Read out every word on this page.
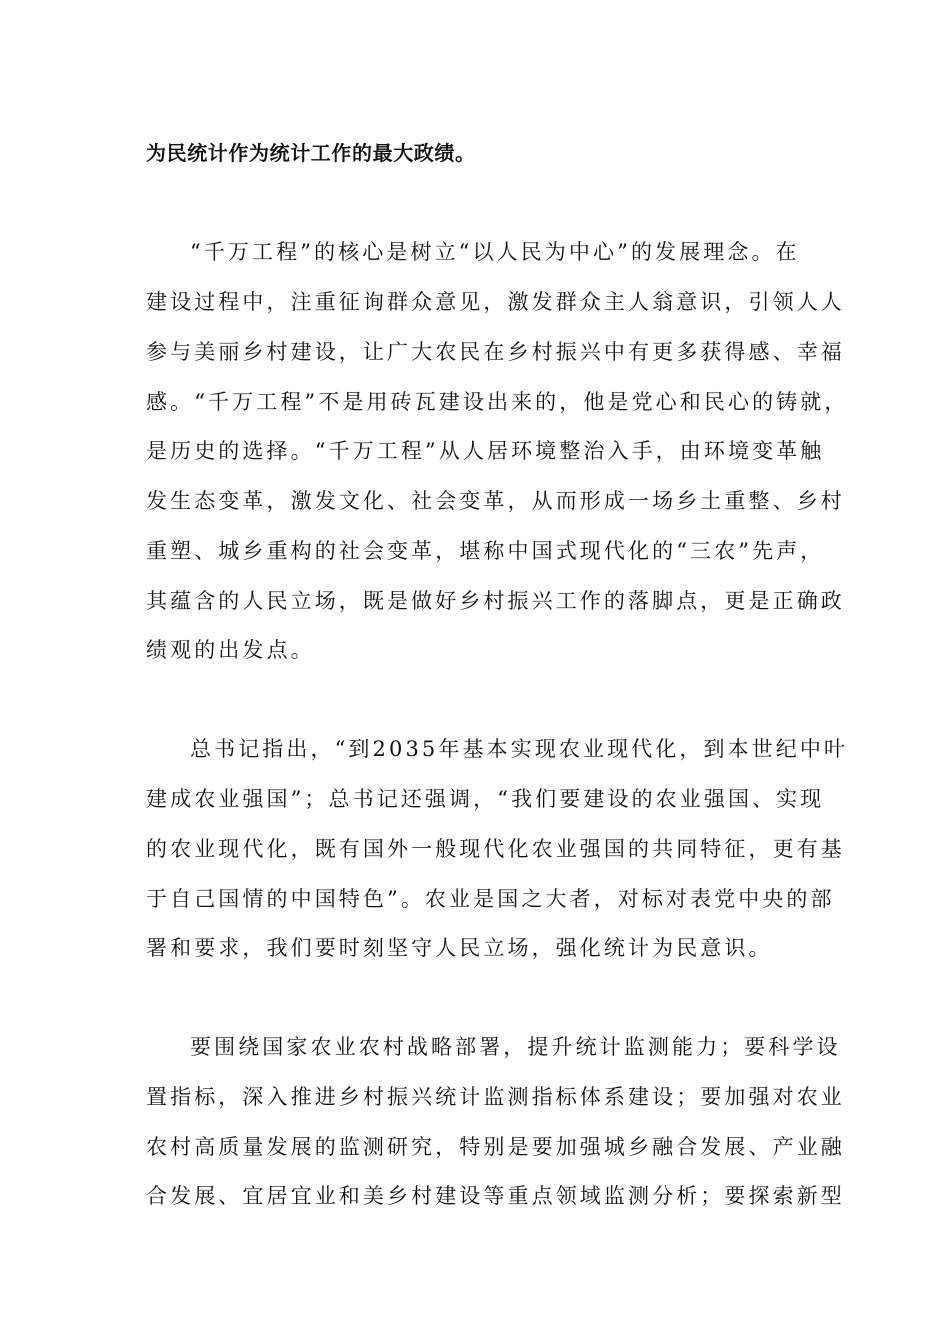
为民统计作为统计工作的最大政绩。
“千万工程”的核心是树立“以人民为中心”的发展理念。在
建设过程中，注重征询群众意见，激发群众主人翁意识，引领人人
参与美丽乡村建设，让广大农民在乡村振兴中有更多获得感、幸福
感。“千万工程”不是用砖瓦建设出来的，他是党心和民心的铸就，
是历史的选择。“千万工程”从人居环境整治入手，由环境变革触
发生态变革，激发文化、社会变革，从而形成一场乡土重整、乡村
重塑、城乡重构的社会变革，堪称中国式现代化的“三农”先声，
其蕴含的人民立场，既是做好乡村振兴工作的落脚点，更是正确政
绩观的出发点。
总书记指出，“到2035年基本实现农业现代化，到本世纪中叶
建成农业强国”；总书记还强调，“我们要建设的农业强国、实现
的农业现代化，既有国外一般现代化农业强国的共同特征，更有基
于自己国情的中国特色”。农业是国之大者，对标对表党中央的部
署和要求，我们要时刻坚守人民立场，强化统计为民意识。
要围绕国家农业农村战略部署，提升统计监测能力；要科学设
置指标，深入推进乡村振兴统计监测指标体系建设；要加强对农业
农村高质量发展的监测研究，特别是要加强城乡融合发展、产业融
合发展、宜居宜业和美乡村建设等重点领域监测分析；要探索新型
